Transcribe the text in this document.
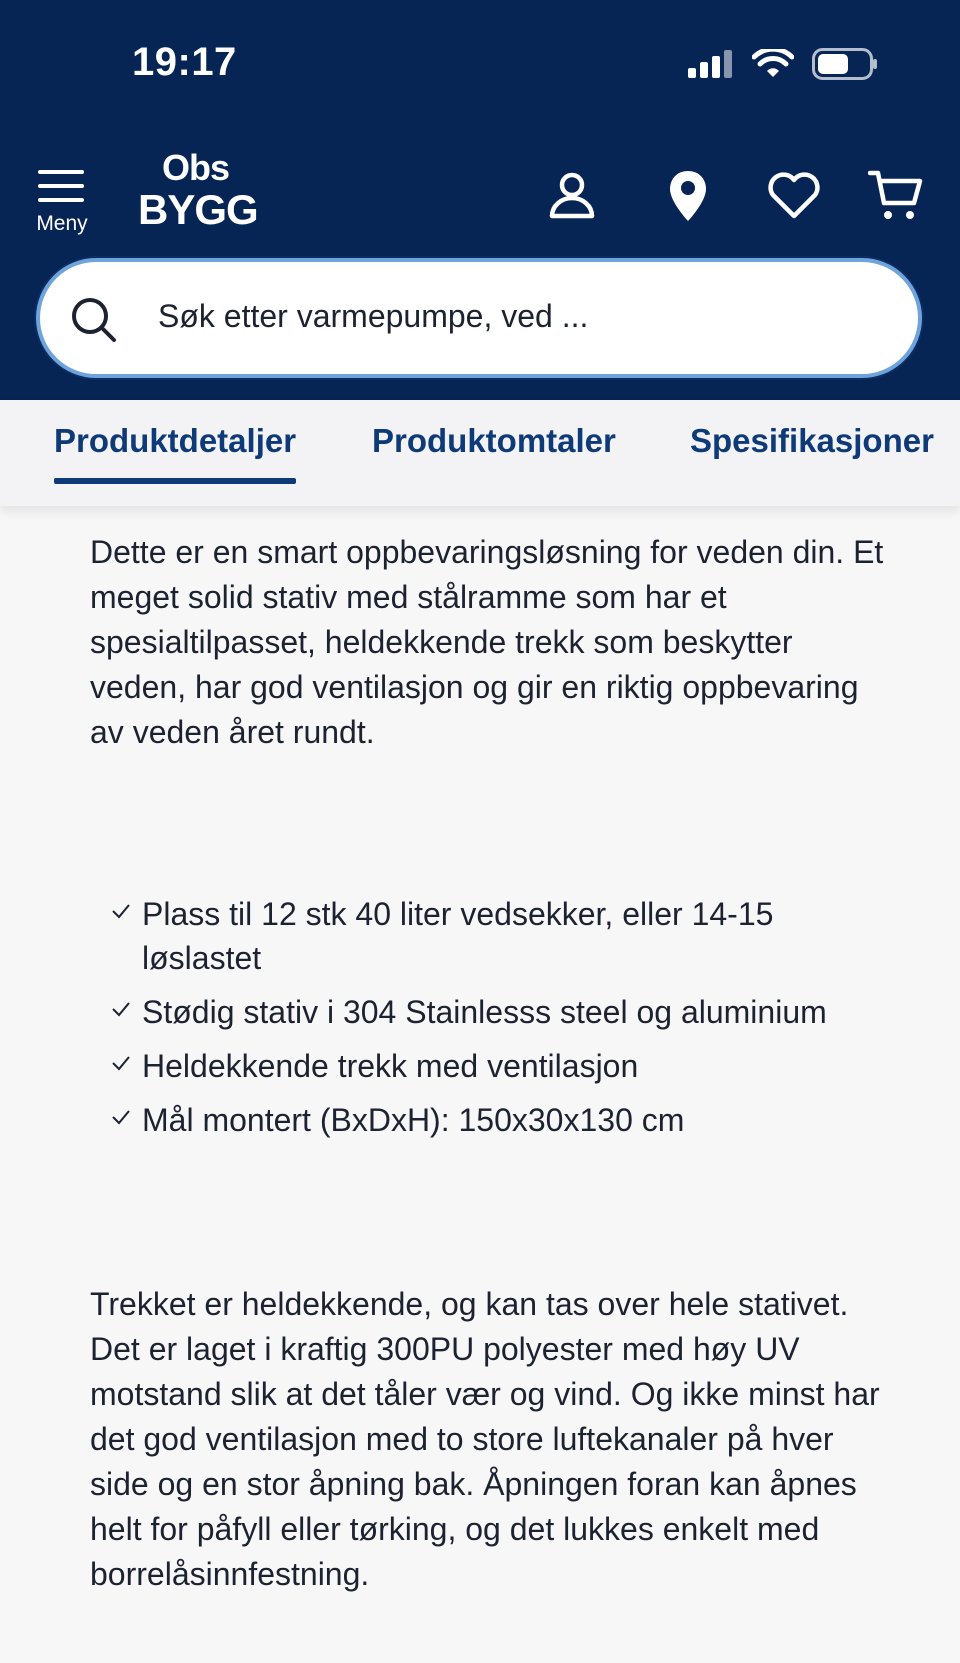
19:17
Meny
Obs
BYGG
Søk etter varmepumpe, ved ...
Produktdetaljer Produktomtaler Spesifikasjoner

Dette er en smart oppbevaringsløsning for veden din. Et meget solid stativ med stålramme som har et spesialtilpasset, heldekkende trekk som beskytter veden, har god ventilasjon og gir en riktig oppbevaring av veden året rundt.

Plass til 12 stk 40 liter vedsekker, eller 14-15 løslastet
Stødig stativ i 304 Stainlesss steel og aluminium
Heldekkende trekk med ventilasjon
Mål montert (BxDxH): 150x30x130 cm

Trekket er heldekkende, og kan tas over hele stativet. Det er laget i kraftig 300PU polyester med høy UV motstand slik at det tåler vær og vind. Og ikke minst har det god ventilasjon med to store luftekanaler på hver side og en stor åpning bak. Åpningen foran kan åpnes helt for påfyll eller tørking, og det lukkes enkelt med borrelåsinnfestning.
